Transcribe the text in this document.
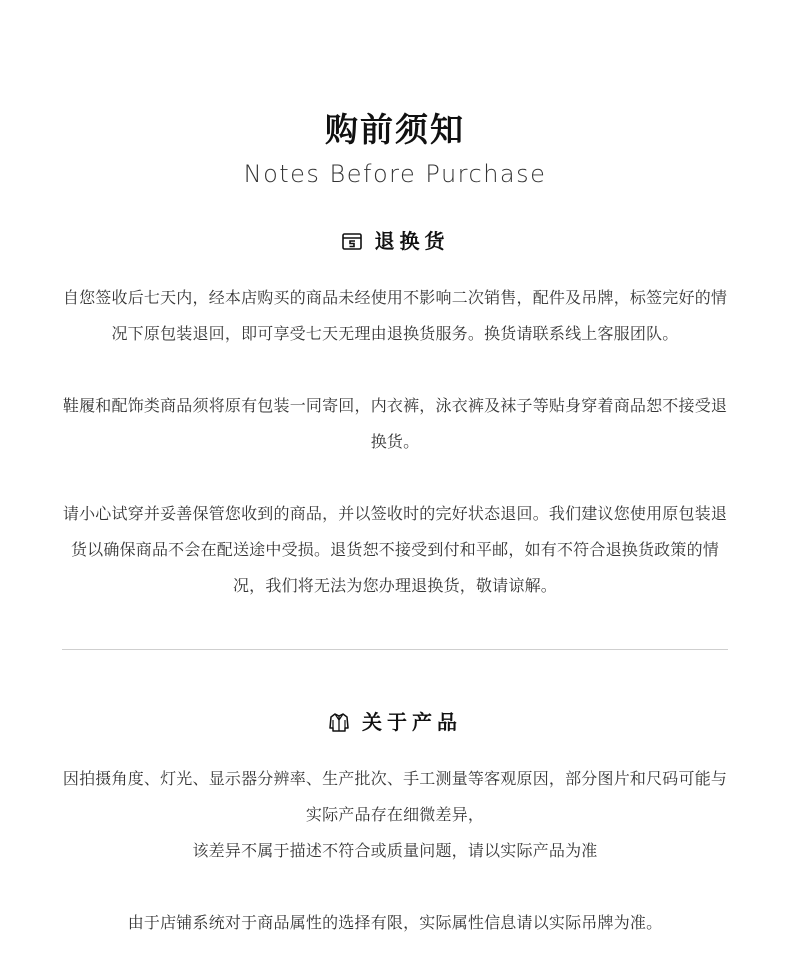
购前须知
Notes Before Purchase
退换货
自您签收后七天内，经本店购买的商品未经使用不影响二次销售，配件及吊牌，标签完好的情况下原包装退回，即可享受七天无理由退换货服务。换货请联系线上客服团队。
鞋履和配饰类商品须将原有包装一同寄回，内衣裤，泳衣裤及袜子等贴身穿着商品恕不接受退换货。
请小心试穿并妥善保管您收到的商品，并以签收时的完好状态退回。我们建议您使用原包装退货以确保商品不会在配送途中受损。退货恕不接受到付和平邮，如有不符合退换货政策的情况，我们将无法为您办理退换货，敬请谅解。
关于产品
因拍摄角度、灯光、显示器分辨率、生产批次、手工测量等客观原因，部分图片和尺码可能与实际产品存在细微差异，
该差异不属于描述不符合或质量问题，请以实际产品为准
由于店铺系统对于商品属性的选择有限，实际属性信息请以实际吊牌为准。
